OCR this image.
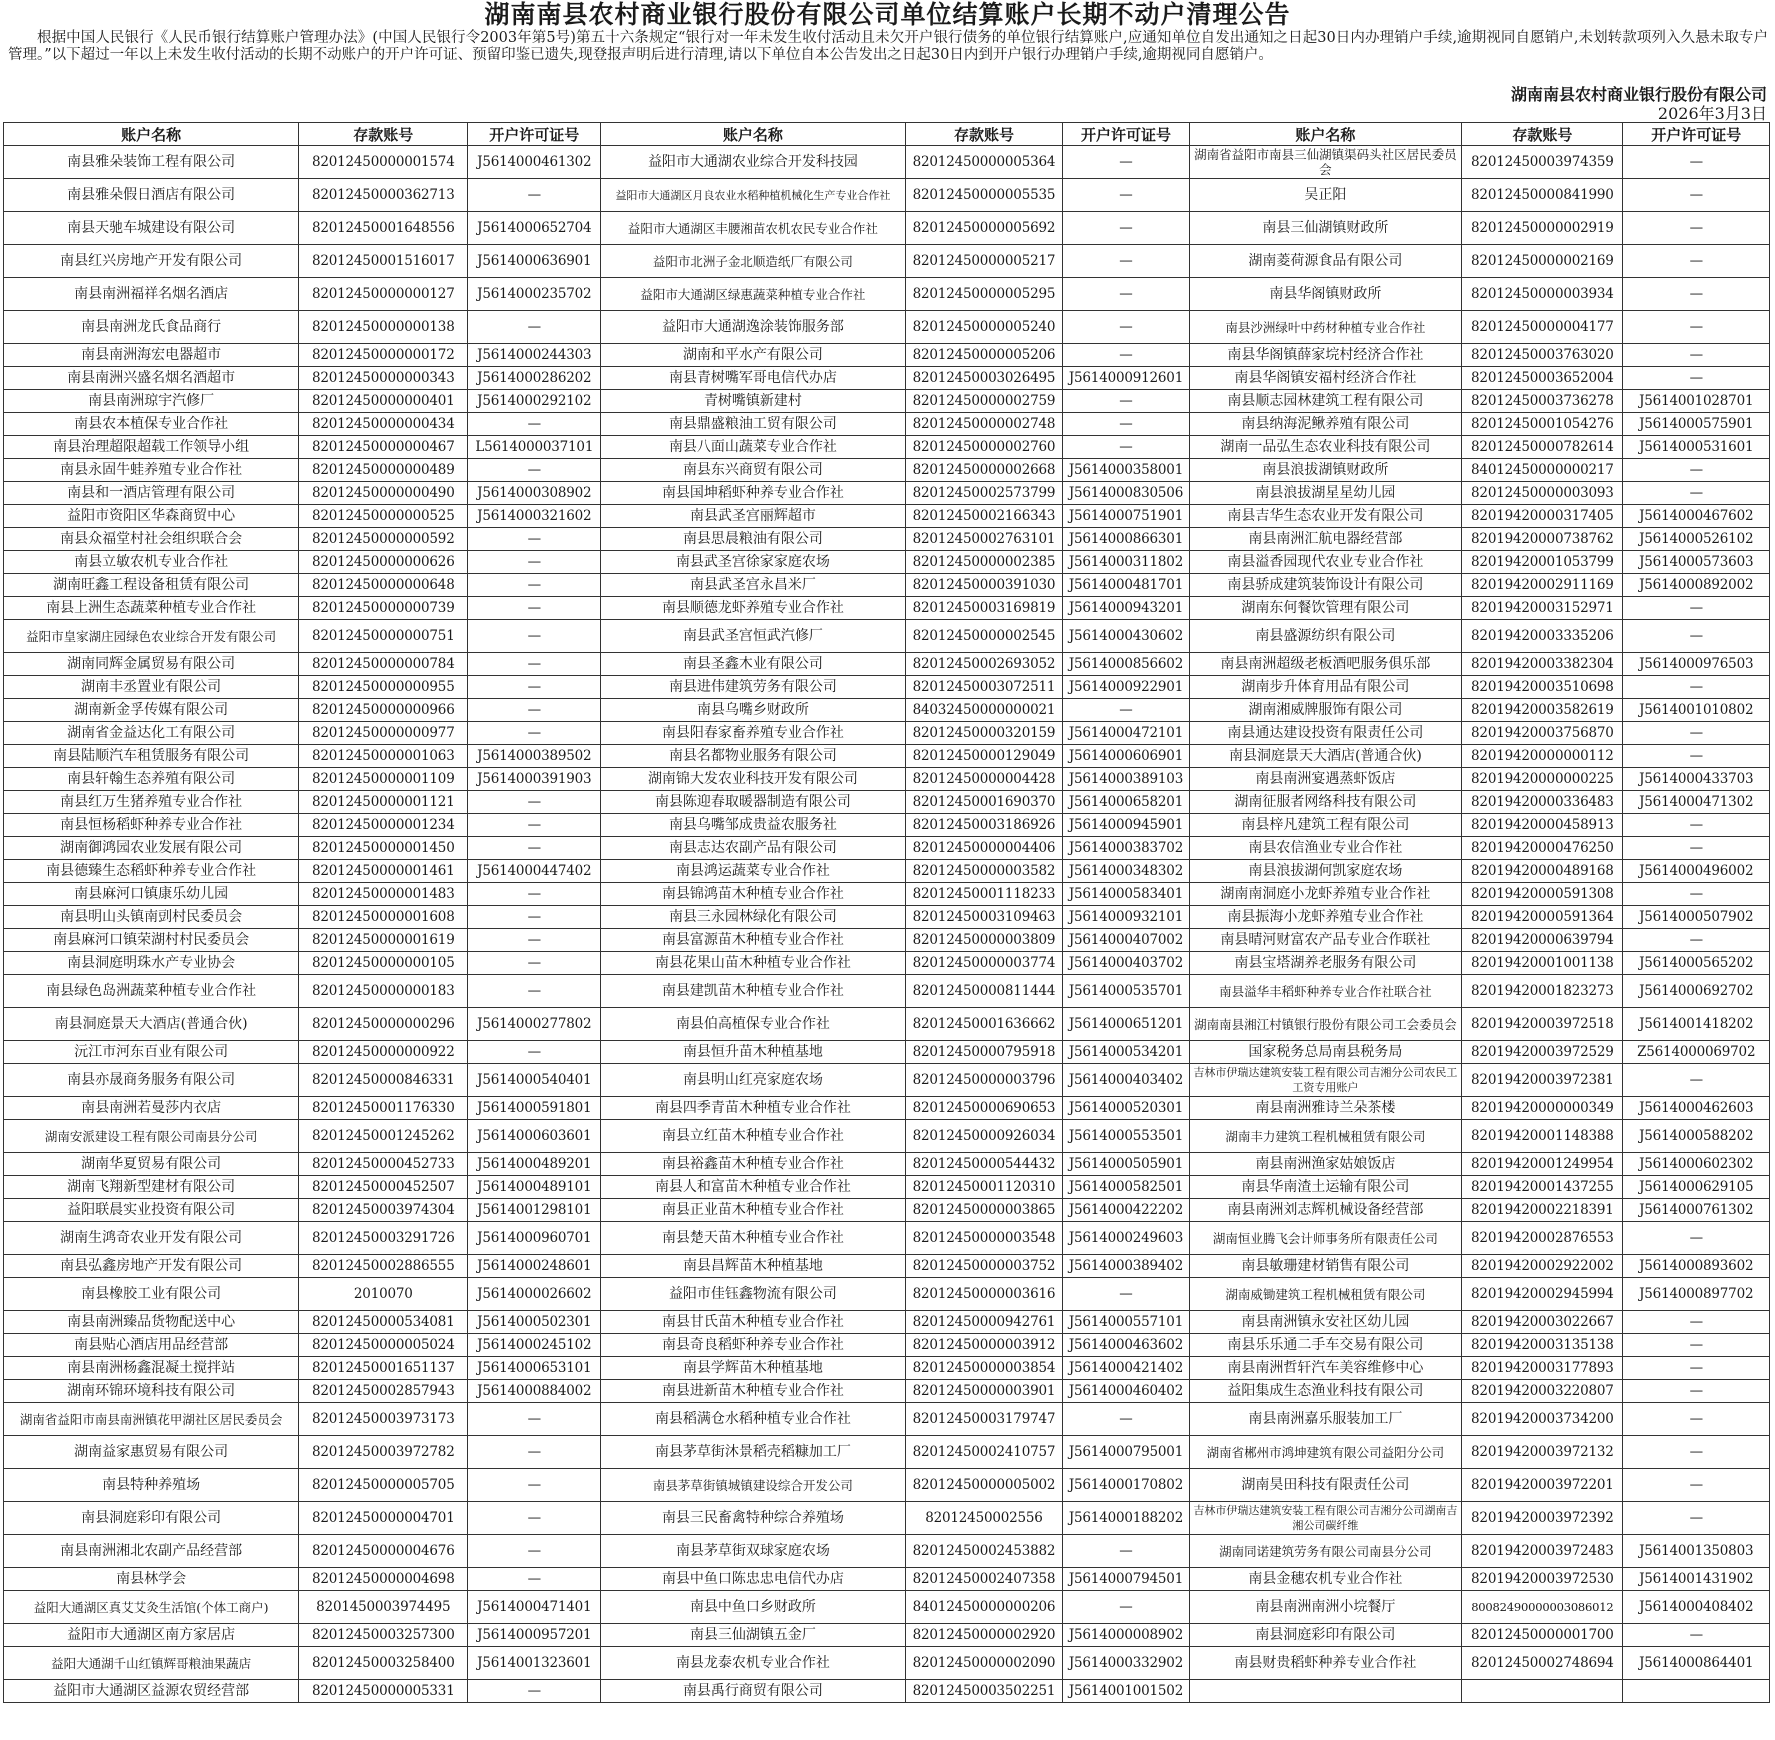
湖南南县农村商业银行股份有限公司单位结算账户长期不动户清理公告
根据中国人民银行《人民币银行结算账户管理办法》(中国人民银行令2003年第5号)第五十六条规定“银行对一年未发生收付活动且未欠开户银行债务的单位银行结算账户,应通知单位自发出通知之日起30日内办理销户手续,逾期视同自愿销户,未划转款项列入久悬未取专户管理。”以下超过一年以上未发生收付活动的长期不动账户的开户许可证、预留印鉴已遗失,现登报声明后进行清理,请以下单位自本公告发出之日起30日内到开户银行办理销户手续,逾期视同自愿销户。
湖南南县农村商业银行股份有限公司
2026年3月3日
账户名称	存款账号	开户许可证号	账户名称	存款账号	开户许可证号	账户名称	存款账号	开户许可证号
南县雅朵装饰工程有限公司	82012450000001574	J5614000461302	益阳市大通湖农业综合开发科技园	82012450000005364	—	湖南省益阳市南县三仙湖镇渠码头社区居民委员会	82012450003974359	—
南县雅朵假日酒店有限公司	82012450000362713	—	益阳市大通湖区月良农业水稻种植机械化生产专业合作社	82012450000005535	—	吴正阳	82012450000841990	—
南县天驰车城建设有限公司	82012450001648556	J5614000652704	益阳市大通湖区丰腰湘苗农机农民专业合作社	82012450000005692	—	南县三仙湖镇财政所	82012450000002919	—
南县红兴房地产开发有限公司	82012450001516017	J5614000636901	益阳市北洲子金北顺造纸厂有限公司	82012450000005217	—	湖南菱荷源食品有限公司	82012450000002169	—
南县南洲福祥名烟名酒店	82012450000000127	J5614000235702	益阳市大通湖区绿惠蔬菜种植专业合作社	82012450000005295	—	南县华阁镇财政所	82012450000003934	—
南县南洲龙氏食品商行	82012450000000138	—	益阳市大通湖逸涂装饰服务部	82012450000005240	—	南县沙洲绿叶中药材种植专业合作社	82012450000004177	—
南县南洲海宏电器超市	82012450000000172	J5614000244303	湖南和平水产有限公司	82012450000005206	—	南县华阁镇薛家垸村经济合作社	82012450003763020	—
南县南洲兴盛名烟名酒超市	82012450000000343	J5614000286202	南县青树嘴军哥电信代办店	82012450003026495	J5614000912601	南县华阁镇安福村经济合作社	82012450003652004	—
南县南洲琼宇汽修厂	82012450000000401	J5614000292102	青树嘴镇新建村	82012450000002759	—	南县顺志园林建筑工程有限公司	82012450003736278	J5614001028701
南县农本植保专业合作社	82012450000000434	—	南县鼎盛粮油工贸有限公司	82012450000002748	—	南县纳海泥鳅养殖有限公司	82012450001054276	J5614000575901
南县治理超限超载工作领导小组	82012450000000467	L5614000037101	南县八面山蔬菜专业合作社	82012450000002760	—	湖南一品弘生态农业科技有限公司	82012450000782614	J5614000531601
南县永固牛蛙养殖专业合作社	82012450000000489	—	南县东兴商贸有限公司	82012450000002668	J5614000358001	南县浪拔湖镇财政所	84012450000000217	—
南县和一酒店管理有限公司	82012450000000490	J5614000308902	南县国坤稻虾种养专业合作社	82012450002573799	J5614000830506	南县浪拔湖星星幼儿园	82012450000003093	—
益阳市资阳区华森商贸中心	82012450000000525	J5614000321602	南县武圣宫丽辉超市	82012450002166343	J5614000751901	南县吉华生态农业开发有限公司	82019420000317405	J5614000467602
南县众福堂村社会组织联合会	82012450000000592	—	南县思晨粮油有限公司	82012450002763101	J5614000866301	南县南洲汇航电器经营部	82019420000738762	J5614000526102
南县立敏农机专业合作社	82012450000000626	—	南县武圣宫徐家家庭农场	82012450000002385	J5614000311802	南县溢香园现代农业专业合作社	82019420001053799	J5614000573603
湖南旺鑫工程设备租赁有限公司	82012450000000648	—	南县武圣宫永昌米厂	82012450000391030	J5614000481701	南县骄成建筑装饰设计有限公司	82019420002911169	J5614000892002
南县上洲生态蔬菜种植专业合作社	82012450000000739	—	南县顺德龙虾养殖专业合作社	82012450003169819	J5614000943201	湖南东何餐饮管理有限公司	82019420003152971	—
益阳市皇家湖庄园绿色农业综合开发有限公司	82012450000000751	—	南县武圣宫恒武汽修厂	82012450000002545	J5614000430602	南县盛源纺织有限公司	82019420003335206	—
湖南同辉金属贸易有限公司	82012450000000784	—	南县圣鑫木业有限公司	82012450002693052	J5614000856602	南县南洲超级老板酒吧服务俱乐部	82019420003382304	J5614000976503
湖南丰丞置业有限公司	82012450000000955	—	南县进伟建筑劳务有限公司	82012450003072511	J5614000922901	湖南步升体育用品有限公司	82019420003510698	—
湖南新金孚传媒有限公司	82012450000000966	—	南县乌嘴乡财政所	84032450000000021	—	湖南湘威牌服饰有限公司	82019420003582619	J5614001010802
湖南省金益达化工有限公司	82012450000000977	—	南县阳春家畜养殖专业合作社	82012450000320159	J5614000472101	南县通达建设投资有限责任公司	82019420003756870	—
南县陆顺汽车租赁服务有限公司	82012450000001063	J5614000389502	南县名都物业服务有限公司	82012450000129049	J5614000606901	南县洞庭景天大酒店(普通合伙)	82019420000000112	—
南县轩翰生态养殖有限公司	82012450000001109	J5614000391903	湖南锦大发农业科技开发有限公司	82012450000004428	J5614000389103	南县南洲宴遇蒸虾饭店	82019420000000225	J5614000433703
南县红万生猪养殖专业合作社	82012450000001121	—	南县陈迎春取暖器制造有限公司	82012450001690370	J5614000658201	湖南征服者网络科技有限公司	82019420000336483	J5614000471302
南县恒杨稻虾种养专业合作社	82012450000001234	—	南县乌嘴邹成贵益农服务社	82012450003186926	J5614000945901	南县梓凡建筑工程有限公司	82019420000458913	—
湖南御鸿园农业发展有限公司	82012450000001450	—	南县志达农副产品有限公司	82012450000004406	J5614000383702	南县农信渔业专业合作社	82019420000476250	—
南县德臻生态稻虾种养专业合作社	82012450000001461	J5614000447402	南县鸿运蔬菜专业合作社	82012450000003582	J5614000348302	南县浪拔湖何凯家庭农场	82019420000489168	J5614000496002
南县麻河口镇康乐幼儿园	82012450000001483	—	南县锦鸿苗木种植专业合作社	82012450001118233	J5614000583401	湖南南洞庭小龙虾养殖专业合作社	82019420000591308	—
南县明山头镇南剅村民委员会	82012450000001608	—	南县三永园林绿化有限公司	82012450003109463	J5614000932101	南县振海小龙虾养殖专业合作社	82019420000591364	J5614000507902
南县麻河口镇荣湖村村民委员会	82012450000001619	—	南县富源苗木种植专业合作社	82012450000003809	J5614000407002	南县晴河财富农产品专业合作联社	82019420000639794	—
南县洞庭明珠水产专业协会	82012450000000105	—	南县花果山苗木种植专业合作社	82012450000003774	J5614000403702	南县宝塔湖养老服务有限公司	82019420001001138	J5614000565202
南县绿色岛洲蔬菜种植专业合作社	82012450000000183	—	南县建凯苗木种植专业合作社	82012450000811444	J5614000535701	南县溢华丰稻虾种养专业合作社联合社	82019420001823273	J5614000692702
南县洞庭景天大酒店(普通合伙)	82012450000000296	J5614000277802	南县伯高植保专业合作社	82012450001636662	J5614000651201	湖南南县湘江村镇银行股份有限公司工会委员会	82019420003972518	J5614001418202
沅江市河东百业有限公司	82012450000000922	—	南县恒升苗木种植基地	82012450000795918	J5614000534201	国家税务总局南县税务局	82019420003972529	Z5614000069702
南县亦晟商务服务有限公司	82012450000846331	J5614000540401	南县明山红亮家庭农场	82012450000003796	J5614000403402	吉林市伊瑞达建筑安装工程有限公司吉湘分公司农民工工资专用账户	82019420003972381	—
南县南洲若曼莎内衣店	82012450001176330	J5614000591801	南县四季青苗木种植专业合作社	82012450000690653	J5614000520301	南县南洲雅诗兰朵茶楼	82019420000000349	J5614000462603
湖南安派建设工程有限公司南县分公司	82012450001245262	J5614000603601	南县立红苗木种植专业合作社	82012450000926034	J5614000553501	湖南丰力建筑工程机械租赁有限公司	82019420001148388	J5614000588202
湖南华夏贸易有限公司	82012450000452733	J5614000489201	南县裕鑫苗木种植专业合作社	82012450000544432	J5614000505901	南县南洲渔家姑娘饭店	82019420001249954	J5614000602302
湖南飞翔新型建材有限公司	82012450000452507	J5614000489101	南县人和富苗木种植专业合作社	82012450001120310	J5614000582501	南县华南渣土运输有限公司	82019420001437255	J5614000629105
益阳联晨实业投资有限公司	82012450003974304	J5614001298101	南县正业苗木种植专业合作社	82012450000003865	J5614000422202	南县南洲刘志辉机械设备经营部	82019420002218391	J5614000761302
湖南生鸿奇农业开发有限公司	82012450003291726	J5614000960701	南县楚天苗木种植专业合作社	82012450000003548	J5614000249603	湖南恒业腾飞会计师事务所有限责任公司	82019420002876553	—
南县弘鑫房地产开发有限公司	82012450002886555	J5614000248601	南县昌辉苗木种植基地	82012450000003752	J5614000389402	南县敏珊建材销售有限公司	82019420002922002	J5614000893602
南县橡胶工业有限公司	2010070	J5614000026602	益阳市佳钰鑫物流有限公司	82012450000003616	—	湖南威锄建筑工程机械租赁有限公司	82019420002945994	J5614000897702
南县南洲臻品货物配送中心	82012450000534081	J5614000502301	南县甘氏苗木种植专业合作社	82012450000942761	J5614000557101	南县南洲镇永安社区幼儿园	82019420003022667	—
南县贴心酒店用品经营部	82012450000005024	J5614000245102	南县奇良稻虾种养专业合作社	82012450000003912	J5614000463602	南县乐乐通二手车交易有限公司	82019420003135138	—
南县南洲杨鑫混凝土搅拌站	82012450001651137	J5614000653101	南县学辉苗木种植基地	82012450000003854	J5614000421402	南县南洲哲轩汽车美容维修中心	82019420003177893	—
湖南环锦环境科技有限公司	82012450002857943	J5614000884002	南县进新苗木种植专业合作社	82012450000003901	J5614000460402	益阳集成生态渔业科技有限公司	82019420003220807	—
湖南省益阳市南县南洲镇花甲湖社区居民委员会	82012450003973173	—	南县稻满仓水稻种植专业合作社	82012450003179747	—	南县南洲嘉乐服装加工厂	82019420003734200	—
湖南益家惠贸易有限公司	82012450003972782	—	南县茅草街沐景稻壳稻糠加工厂	82012450002410757	J5614000795001	湖南省郴州市鸿坤建筑有限公司益阳分公司	82019420003972132	—
南县特种养殖场	82012450000005705	—	南县茅草街镇城镇建设综合开发公司	82012450000005002	J5614000170802	湖南昊田科技有限责任公司	82019420003972201	—
南县洞庭彩印有限公司	82012450000004701	—	南县三民畜禽特种综合养殖场	82012450002556	J5614000188202	吉林市伊瑞达建筑安装工程有限公司吉湘分公司湖南吉湘公司碳纤维	82019420003972392	—
南县南洲湘北农副产品经营部	82012450000004676	—	南县茅草街双球家庭农场	82012450002453882	—	湖南同诺建筑劳务有限公司南县分公司	82019420003972483	J5614001350803
南县林学会	82012450000004698	—	南县中鱼口陈忠忠电信代办店	82012450002407358	J5614000794501	南县金穗农机专业合作社	82019420003972530	J5614001431902
益阳大通湖区真艾艾灸生活馆(个体工商户)	8201450003974495	J5614000471401	南县中鱼口乡财政所	84012450000000206	—	南县南洲南洲小垸餐厅	80082490000003086012	J5614000408402
益阳市大通湖区南方家居店	82012450003257300	J5614000957201	南县三仙湖镇五金厂	82012450000002920	J5614000008902	南县洞庭彩印有限公司	82012450000001700	—
益阳大通湖千山红镇辉哥粮油果蔬店	82012450003258400	J5614001323601	南县龙泰农机专业合作社	82012450000002090	J5614000332902	南县财贵稻虾种养专业合作社	82012450002748694	J5614000864401
益阳市大通湖区益源农贸经营部	82012450000005331	—	南县禹行商贸有限公司	82012450003502251	J5614001001502			
